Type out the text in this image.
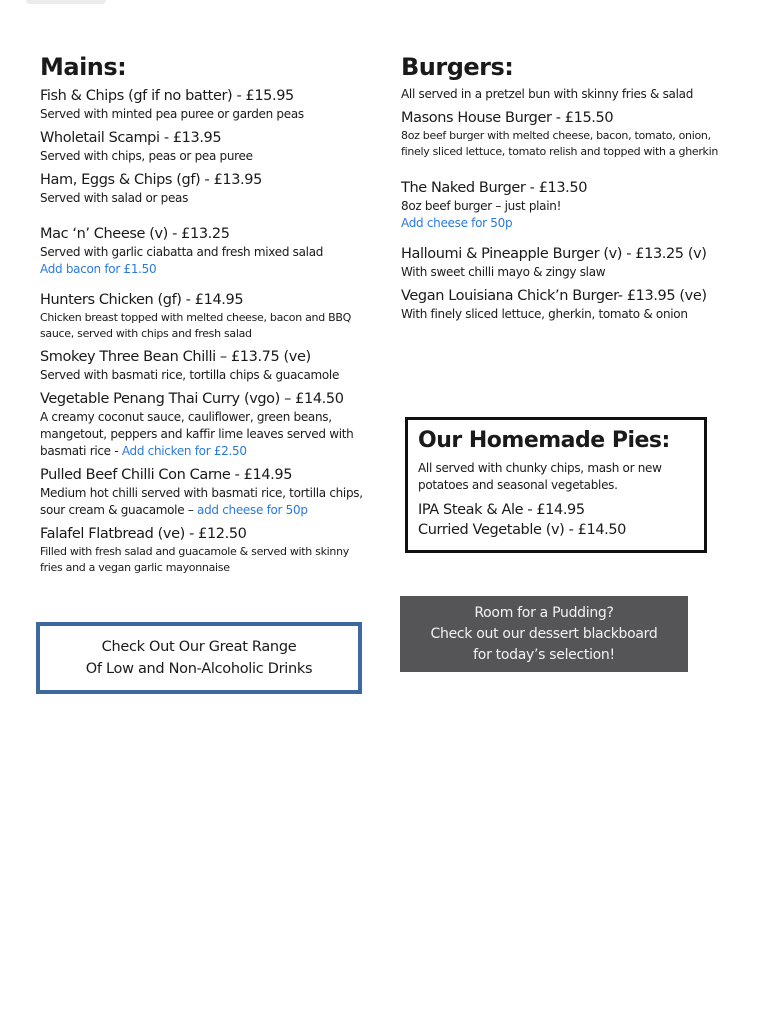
Mains:
Fish & Chips (gf if no batter) - £15.95
Served with minted pea puree or garden peas
Wholetail Scampi - £13.95
Served with chips, peas or pea puree
Ham, Eggs & Chips (gf) - £13.95
Served with salad or peas
Mac ‘n’ Cheese (v) - £13.25
Served with garlic ciabatta and fresh mixed salad
Add bacon for £1.50
Hunters Chicken (gf) - £14.95
Chicken breast topped with melted cheese, bacon and BBQ sauce, served with chips and fresh salad
Smokey Three Bean Chilli – £13.75 (ve)
Served with basmati rice, tortilla chips & guacamole
Vegetable Penang Thai Curry (vgo) – £14.50
A creamy coconut sauce, cauliflower, green beans, mangetout, peppers and kaffir lime leaves served with basmati rice - Add chicken for £2.50
Pulled Beef Chilli Con Carne - £14.95
Medium hot chilli served with basmati rice, tortilla chips, sour cream & guacamole – add cheese for 50p
Falafel Flatbread (ve) - £12.50
Filled with fresh salad and guacamole & served with skinny fries and a vegan garlic mayonnaise
Burgers:
All served in a pretzel bun with skinny fries & salad
Masons House Burger - £15.50
8oz beef burger with melted cheese, bacon, tomato, onion, finely sliced lettuce, tomato relish and topped with a gherkin
The Naked Burger - £13.50
8oz beef burger – just plain!
Add cheese for 50p
Halloumi & Pineapple Burger (v) - £13.25 (v)
With sweet chilli mayo & zingy slaw
Vegan Louisiana Chick’n Burger- £13.95 (ve)
With finely sliced lettuce, gherkin, tomato & onion
Our Homemade Pies:
All served with chunky chips, mash or new potatoes and seasonal vegetables.
IPA Steak & Ale - £14.95
Curried Vegetable (v) - £14.50
Room for a Pudding?
Check out our dessert blackboard
for today’s selection!
Check Out Our Great Range
Of Low and Non-Alcoholic Drinks
